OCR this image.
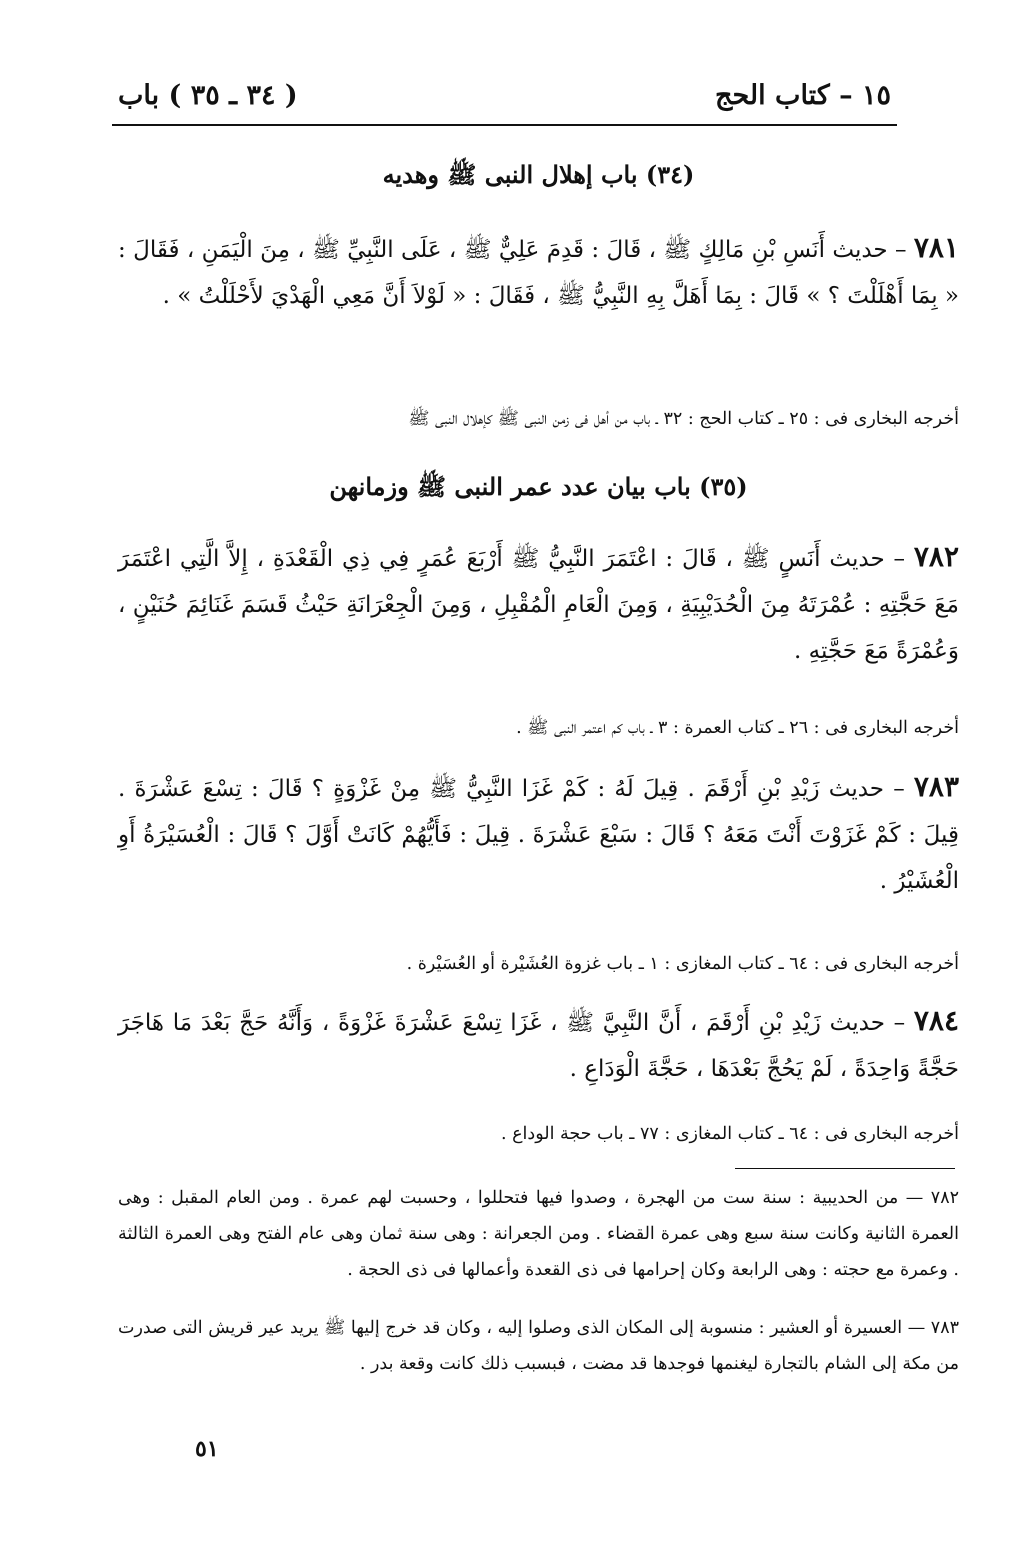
١٥ – كتاب الحج
( ٣٤ ـ ٣٥ ) باب
(٣٤) باب إهلال النبى ﷺ وهديه
٧٨١ – حديث أَنَسِ بْنِ مَالِكٍ ﷺ ، قَالَ : قَدِمَ عَلِيٌّ ﷺ ، عَلَى النَّبِيِّ ﷺ ، مِنَ الْيَمَنِ ، فَقَالَ : « بِمَا أَهْلَلْتَ ؟ » قَالَ : بِمَا أَهَلَّ بِهِ النَّبِيُّ ﷺ ، فَقَالَ : « لَوْلاَ أَنَّ مَعِي الْهَدْيَ لأَحْلَلْتُ » .
أخرجه البخارى فى : ٢٥ ـ كتاب الحج : ٣٢ ـ باب من أهل فى زمن النبى ﷺ كإهلال النبى ﷺ
(٣٥) باب بيان عدد عمر النبى ﷺ وزمانهن
٧٨٢ – حديث أَنَسٍ ﷺ ، قَالَ : اعْتَمَرَ النَّبِيُّ ﷺ أَرْبَعَ عُمَرٍ فِي ذِي الْقَعْدَةِ ، إِلاَّ الَّتِي اعْتَمَرَ مَعَ حَجَّتِهِ : عُمْرَتَهُ مِنَ الْحُدَيْبِيَةِ ، وَمِنَ الْعَامِ الْمُقْبِلِ ، وَمِنَ الْجِعْرَانَةِ حَيْثُ قَسَمَ غَنَائِمَ حُنَيْنٍ ، وَعُمْرَةً مَعَ حَجَّتِهِ .
أخرجه البخارى فى : ٢٦ ـ كتاب العمرة : ٣ ـ باب كم اعتمر النبى ﷺ .
٧٨٣ – حديث زَيْدِ بْنِ أَرْقَمَ . قِيلَ لَهُ : كَمْ غَزَا النَّبِيُّ ﷺ مِنْ غَزْوَةٍ ؟ قَالَ : تِسْعَ عَشْرَةَ . قِيلَ : كَمْ غَزَوْتَ أَنْتَ مَعَهُ ؟ قَالَ : سَبْعَ عَشْرَةَ . قِيلَ : فَأَيُّهُمْ كَانَتْ أَوَّلَ ؟ قَالَ : الْعُسَيْرَةُ أَوِ الْعُشَيْرُ .
أخرجه البخارى فى : ٦٤ ـ كتاب المغازى : ١ ـ باب غزوة العُشَيْرة أو العُسَيْرة .
٧٨٤ – حديث زَيْدِ بْنِ أَرْقَمَ ، أَنَّ النَّبِيَّ ﷺ ، غَزَا تِسْعَ عَشْرَةَ غَزْوَةً ، وَأَنَّهُ حَجَّ بَعْدَ مَا هَاجَرَ حَجَّةً وَاحِدَةً ، لَمْ يَحُجَّ بَعْدَهَا ، حَجَّةَ الْوَدَاعِ .
أخرجه البخارى فى : ٦٤ ـ كتاب المغازى : ٧٧ ـ باب حجة الوداع .
٧٨٢ — من الحديبية : سنة ست من الهجرة ، وصدوا فيها فتحللوا ، وحسبت لهم عمرة . ومن العام المقبل : وهى العمرة الثانية وكانت سنة سبع وهى عمرة القضاء . ومن الجعرانة : وهى سنة ثمان وهى عام الفتح وهى العمرة الثالثة . وعمرة مع حجته : وهى الرابعة وكان إحرامها فى ذى القعدة وأعمالها فى ذى الحجة .
٧٨٣ — العسيرة أو العشير : منسوبة إلى المكان الذى وصلوا إليه ، وكان قد خرج إليها ﷺ يريد عير قريش التى صدرت من مكة إلى الشام بالتجارة ليغنمها فوجدها قد مضت ، فبسبب ذلك كانت وقعة بدر .
٥١
